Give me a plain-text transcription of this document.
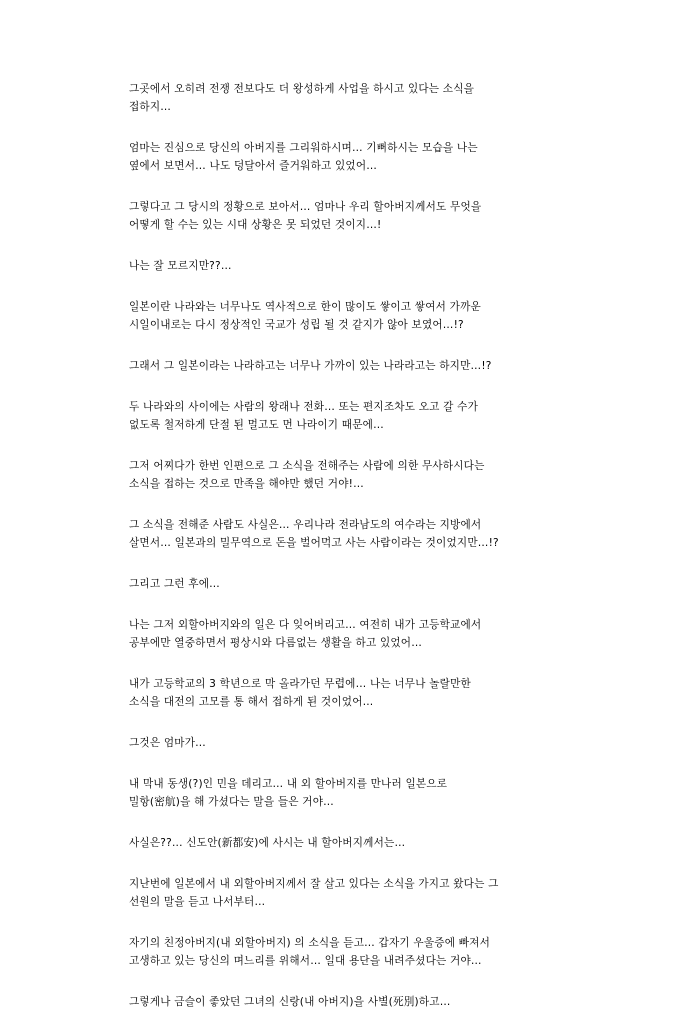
그곳에서 오히려 전쟁 전보다도 더 왕성하게 사업을 하시고 있다는 소식을
접하지…

엄마는 진심으로 당신의 아버지를 그리워하시며… 기뻐하시는 모습을 나는
옆에서 보면서… 나도 덩달아서 즐거워하고 있었어…

그렇다고 그 당시의 정황으로 보아서… 엄마나 우리 할아버지께서도 무엇을
어떻게 할 수는 있는 시대 상황은 못 되었던 것이지…!

나는 잘 모르지만??…

일본이란 나라와는 너무나도 역사적으로 한이 많이도 쌓이고 쌓여서 가까운
시일이내로는 다시 정상적인 국교가 성립 될 것 같지가 않아 보였어…!?

그래서 그 일본이라는 나라하고는 너무나 가까이 있는 나라라고는 하지만…!?

두 나라와의 사이에는 사람의 왕래나 전화… 또는 편지조차도 오고 갈 수가
없도록 철저하게 단절 된 멀고도 먼 나라이기 때문에…

그저 어찌다가 한번 인편으로 그 소식을 전해주는 사람에 의한 무사하시다는
소식을 접하는 것으로 만족을 해야만 했던 거야!…

그 소식을 전해준 사람도 사실은… 우리나라 전라남도의 여수라는 지방에서
살면서… 일본과의 밀무역으로 돈을 벌어먹고 사는 사람이라는 것이었지만…!?

그리고 그런 후에…

나는 그저 외할아버지와의 일은 다 잊어버리고… 여전히 내가 고등학교에서
공부에만 열중하면서 평상시와 다름없는 생활을 하고 있었어…

내가 고등학교의 3 학년으로 막 올라가던 무렵에… 나는 너무나 놀랄만한
소식을 대전의 고모를 통 해서 접하게 된 것이었어…

그것은 엄마가…

내 막내 동생(?)인 민을 데리고… 내 외 할아버지를 만나러 일본으로
밀항(密航)을 해 가셨다는 말을 들은 거야…

사실은??... 신도안(新都安)에 사시는 내 할아버지께서는…

지난번에 일본에서 내 외할아버지께서 잘 살고 있다는 소식을 가지고 왔다는 그
선원의 말을 듣고 나서부터…

자기의 친정아버지(내 외할아버지) 의 소식을 듣고… 갑자기 우울증에 빠져서
고생하고 있는 당신의 며느리를 위해서… 일대 용단을 내려주셨다는 거야…

그렇게나 금슬이 좋았던 그녀의 신랑(내 아버지)을 사별(死別)하고…
